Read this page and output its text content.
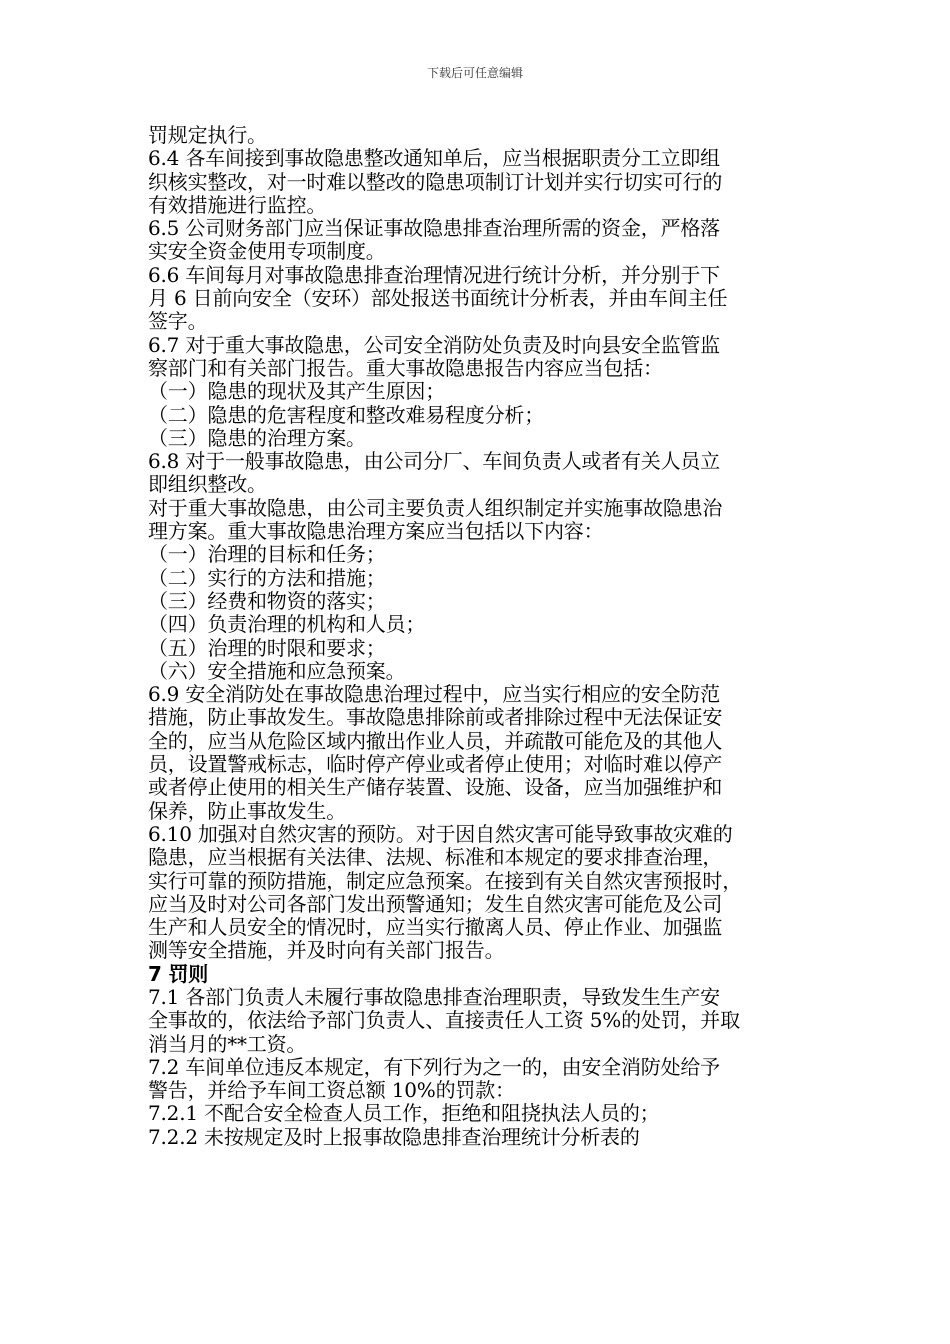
下载后可任意编辑

罚规定执行。

6.4 各车间接到事故隐患整改通知单后，应当根据职责分工立即组

织核实整改，对一时难以整改的隐患项制订计划并实行切实可行的

有效措施进行监控。

6.5 公司财务部门应当保证事故隐患排查治理所需的资金，严格落

实安全资金使用专项制度。

6.6 车间每月对事故隐患排查治理情况进行统计分析，并分别于下

月 6 日前向安全（安环）部处报送书面统计分析表，并由车间主任

签字。

6.7 对于重大事故隐患，公司安全消防处负责及时向县安全监管监

察部门和有关部门报告。重大事故隐患报告内容应当包括：

（一）隐患的现状及其产生原因；

（二）隐患的危害程度和整改难易程度分析；

（三）隐患的治理方案。

6.8 对于一般事故隐患，由公司分厂、车间负责人或者有关人员立

即组织整改。

对于重大事故隐患，由公司主要负责人组织制定并实施事故隐患治

理方案。重大事故隐患治理方案应当包括以下内容：

（一）治理的目标和任务；

（二）实行的方法和措施；

（三）经费和物资的落实；

（四）负责治理的机构和人员；

（五）治理的时限和要求；

（六）安全措施和应急预案。

6.9 安全消防处在事故隐患治理过程中，应当实行相应的安全防范

措施，防止事故发生。事故隐患排除前或者排除过程中无法保证安

全的，应当从危险区域内撤出作业人员，并疏散可能危及的其他人

员，设置警戒标志，临时停产停业或者停止使用；对临时难以停产

或者停止使用的相关生产储存装置、设施、设备，应当加强维护和

保养，防止事故发生。

6.10 加强对自然灾害的预防。对于因自然灾害可能导致事故灾难的

隐患，应当根据有关法律、法规、标准和本规定的要求排查治理，

实行可靠的预防措施，制定应急预案。在接到有关自然灾害预报时，

应当及时对公司各部门发出预警通知；发生自然灾害可能危及公司

生产和人员安全的情况时，应当实行撤离人员、停止作业、加强监

测等安全措施，并及时向有关部门报告。

7 罚则

7.1 各部门负责人未履行事故隐患排查治理职责，导致发生生产安

全事故的，依法给予部门负责人、直接责任人工资 5%的处罚，并取

消当月的**工资。

7.2 车间单位违反本规定，有下列行为之一的，由安全消防处给予

警告，并给予车间工资总额 10%的罚款：

7.2.1 不配合安全检查人员工作，拒绝和阻挠执法人员的；

7.2.2 未按规定及时上报事故隐患排查治理统计分析表的
